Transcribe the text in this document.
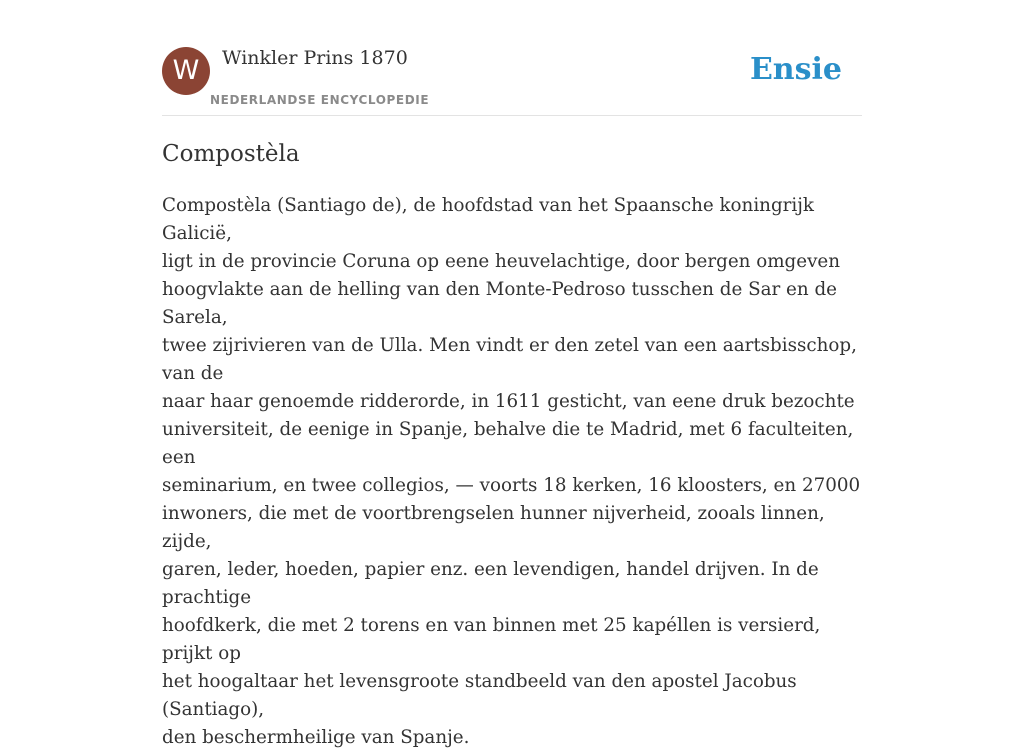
W	Winkler Prins 1870
NEDERLANDSE ENCYCLOPEDIE
Ensie
Compostèla

Compostèla (Santiago de), de hoofdstad van het Spaansche koningrijk Galicië,
ligt in de provincie Coruna op eene heuvelachtige, door bergen omgeven
hoogvlakte aan de helling van den Monte-Pedroso tusschen de Sar en de Sarela,
twee zijrivieren van de Ulla. Men vindt er den zetel van een aartsbisschop, van de
naar haar genoemde ridderorde, in 1611 gesticht, van eene druk bezochte
universiteit, de eenige in Spanje, behalve die te Madrid, met 6 faculteiten, een
seminarium, en twee collegios, — voorts 18 kerken, 16 kloosters, en 27000
inwoners, die met de voortbrengselen hunner nijverheid, zooals linnen, zijde,
garen, leder, hoeden, papier enz. een levendigen, handel drijven. In de prachtige
hoofdkerk, die met 2 torens en van binnen met 25 kapéllen is versierd, prijkt op
het hoogaltaar het levensgroote standbeeld van den apostel Jacobus (Santiago),
den beschermheilige van Spanje.
